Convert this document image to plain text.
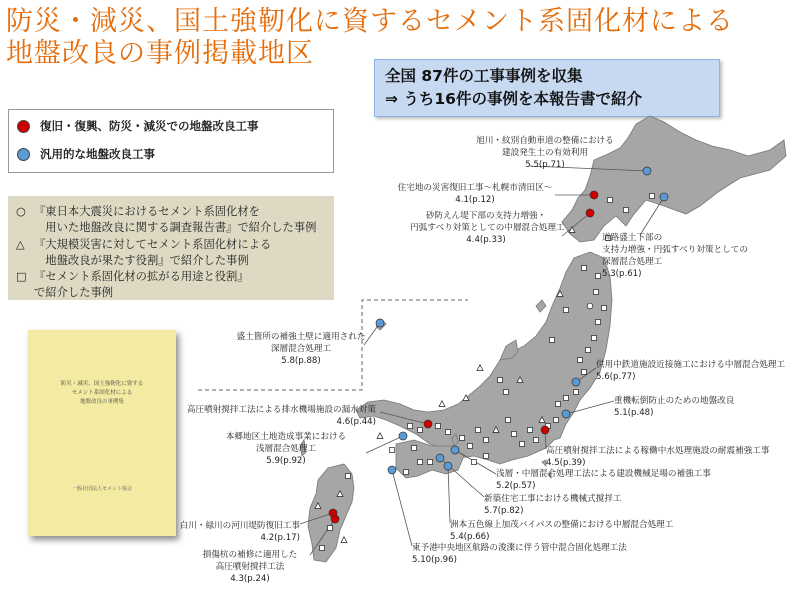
防災・減災、国土強靭化に資するセメント系固化材による
地盤改良の事例掲載地区
全国 87件の工事事例を収集
⇒ うち16件の事例を本報告書で紹介
復旧・復興、防災・減災での地盤改良工事
汎用的な地盤改良工事
○ 『東日本大震災におけるセメント系固化材を
　用いた地盤改良に関する調査報告書』で紹介した事例
△ 『大規模災害に対してセメント系固化材による
　地盤改良が果たす役割』で紹介した事例
□ 『セメント系固化材の拡がる用途と役割』
で紹介した事例
防災・減災、国土強靭化に資する
セメント系固化材による
地盤改良の事例集
一般社団法人セメント協会
旭川・紋別自動車道の整備における
建設発生土の有効利用
5.5(p.71)
住宅地の災害復旧工事～札幌市清田区～
4.1(p.12)
砂防えん堤下部の支持力増強・
円弧すべり対策としての中層混合処理工
4.4(p.33)	道路盛土下部の
支持力増強・円弧すべり対策としての
深層混合処理工
5.3(p.61)
盛土箇所の補強土壁に適用された
深層混合処理工
5.8(p.88)	供用中鉄道施設近接施工における中層混合処理工
5.6(p.77)
重機転倒防止のための地盤改良
5.1(p.48)
高圧噴射撹拌工法による排水機場施設の漏水対策
4.6(p.44)
本郷地区土地造成事業における
浅層混合処理工
5.9(p.92)
高圧噴射撹拌工法による稼働中水処理施設の耐震補強工事
4.5(p.39)
浅層・中層混合処理工法による建設機械足場の補強工事
5.2(p.57)
新築住宅工事における機械式撹拌工
5.7(p.82)
洲本五色線上加茂バイパスの整備における中層混合処理工
5.4(p.66)
東予港中央地区航路の浚渫に伴う管中混合固化処理工法
5.10(p.96)
白川・緑川の河川堤防復旧工事
4.2(p.17)
損傷杭の補修に適用した
高圧噴射撹拌工法
4.3(p.24)
